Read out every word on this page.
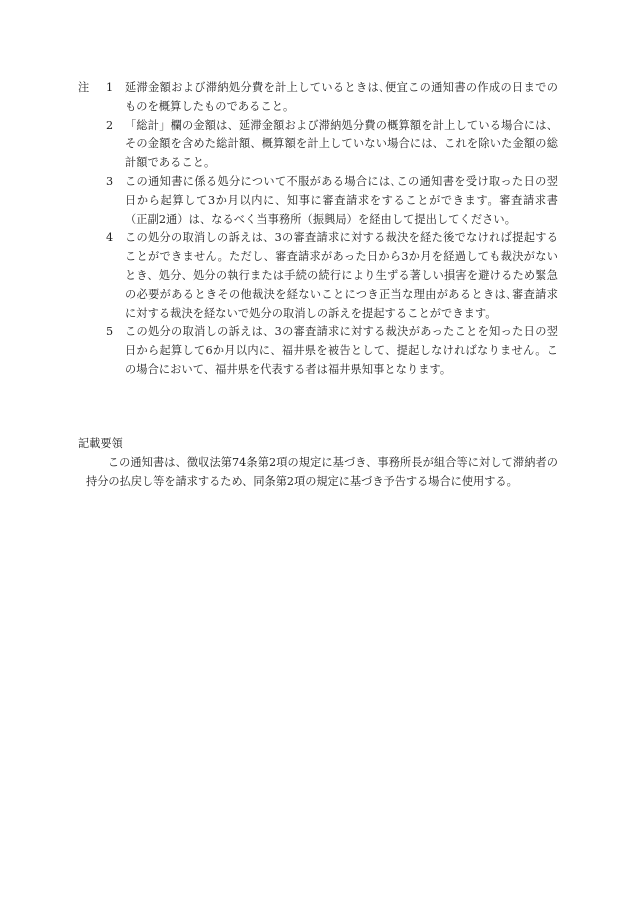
注	1	延滞金額および滞納処分費を計上しているときは､便宜この通知書の作成の日までのものを概算したものであること。
2	「総計」欄の金額は、延滞金額および滞納処分費の概算額を計上している場合には、その金額を含めた総計額、概算額を計上していない場合には、これを除いた金額の総計額であること。
3	この通知書に係る処分について不服がある場合には､この通知書を受け取った日の翌日から起算して3か月以内に、知事に審査請求をすることができます。審査請求書（正副2通）は、なるべく当事務所（振興局）を経由して提出してください。
4	この処分の取消しの訴えは、3の審査請求に対する裁決を経た後でなければ提起することができません。ただし、審査請求があった日から3か月を経過しても裁決がないとき、処分、処分の執行または手続の続行により生ずる著しい損害を避けるため緊急の必要があるときその他裁決を経ないことにつき正当な理由があるときは､審査請求に対する裁決を経ないで処分の取消しの訴えを提起することができます。
5	この処分の取消しの訴えは、3の審査請求に対する裁決があったことを知った日の翌日から起算して6か月以内に、福井県を被告として、提起しなければなりません。この場合において、福井県を代表する者は福井県知事となります。

記載要領

この通知書は、徴収法第74条第2項の規定に基づき、事務所長が組合等に対して滞納者の持分の払戻し等を請求するため、同条第2項の規定に基づき予告する場合に使用する。
